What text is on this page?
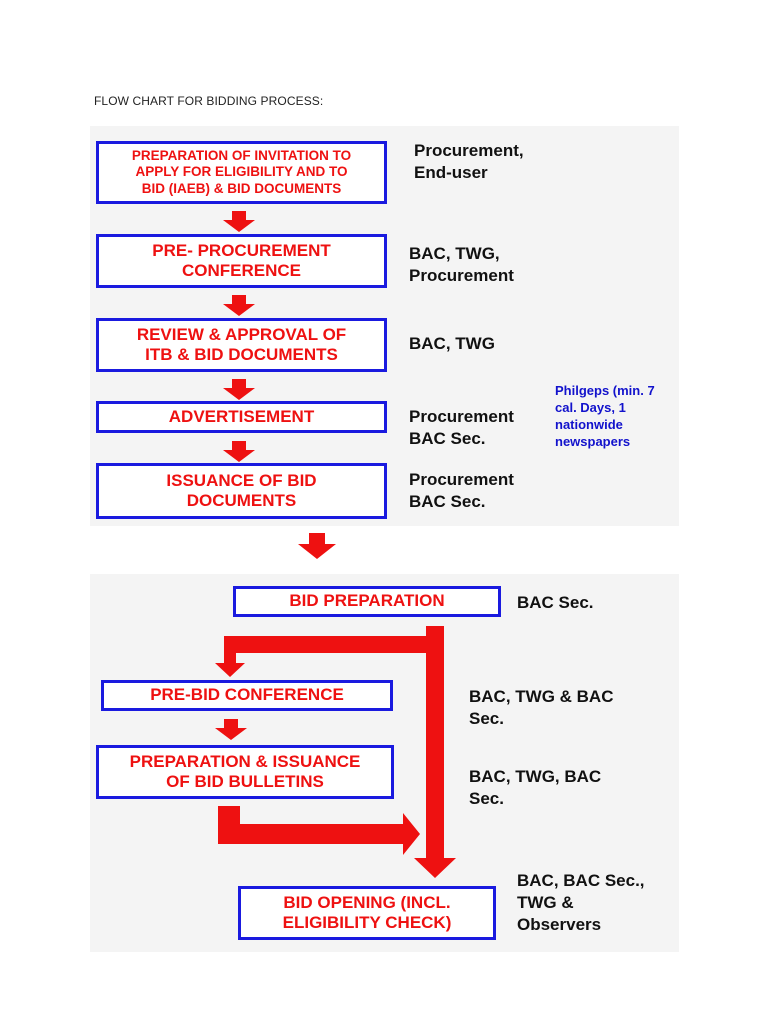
FLOW CHART FOR BIDDING PROCESS:
PREPARATION OF INVITATION TO
APPLY FOR ELIGIBILITY AND TO
BID (IAEB) & BID DOCUMENTS
PRE- PROCUREMENT
CONFERENCE
REVIEW & APPROVAL OF
ITB & BID DOCUMENTS
ADVERTISEMENT
ISSUANCE OF BID
DOCUMENTS
Procurement,
End-user
BAC, TWG,
Procurement
BAC, TWG
Procurement
BAC Sec.
Procurement
BAC Sec.
Philgeps (min. 7
cal. Days, 1
nationwide
newspapers
BID PREPARATION
PRE-BID CONFERENCE
PREPARATION & ISSUANCE
OF BID BULLETINS
BID OPENING (INCL.
ELIGIBILITY CHECK)
BAC Sec.
BAC, TWG & BAC
Sec.
BAC, TWG, BAC
Sec.
BAC, BAC Sec.,
TWG &
Observers
